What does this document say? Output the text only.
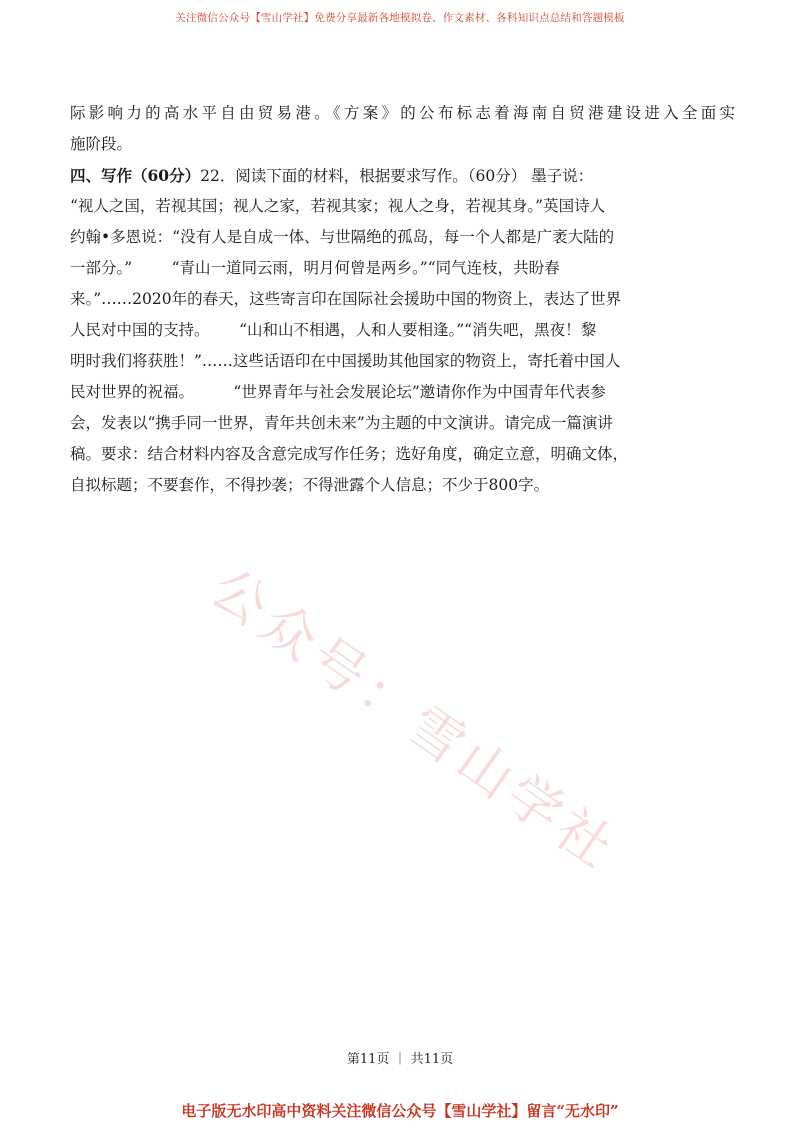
关注微信公众号【雪山学社】免费分享最新各地模拟卷、作文素材、各科知识点总结和答题模板
公众号：雪山学社
际影响力的高水平自由贸易港。《方案》的公布标志着海南自贸港建设进入全面实
施阶段。
四、写作（60分）22．阅读下面的材料，根据要求写作。（60分） 墨子说：
“视人之国，若视其国；视人之家，若视其家；视人之身，若视其身。”英国诗人
约翰•多恩说：“没有人是自成一体、与世隔绝的孤岛，每一个人都是广袤大陆的
一部分。”        “青山一道同云雨，明月何曾是两乡。”“同气连枝，共盼春
来。”……2020年的春天，这些寄言印在国际社会援助中国的物资上，表达了世界
人民对中国的支持。      “山和山不相遇，人和人要相逢。”“消失吧，黑夜！黎
明时我们将获胜！”……这些话语印在中国援助其他国家的物资上，寄托着中国人
民对世界的祝福。        “世界青年与社会发展论坛”邀请你作为中国青年代表参
会，发表以“携手同一世界，青年共创未来”为主题的中文演讲。请完成一篇演讲
稿。要求：结合材料内容及含意完成写作任务；选好角度，确定立意，明确文体，
自拟标题；不要套作，不得抄袭；不得泄露个人信息；不少于800字。
第11页 ｜ 共11页
电子版无水印高中资料关注微信公众号【雪山学社】留言“无水印”
